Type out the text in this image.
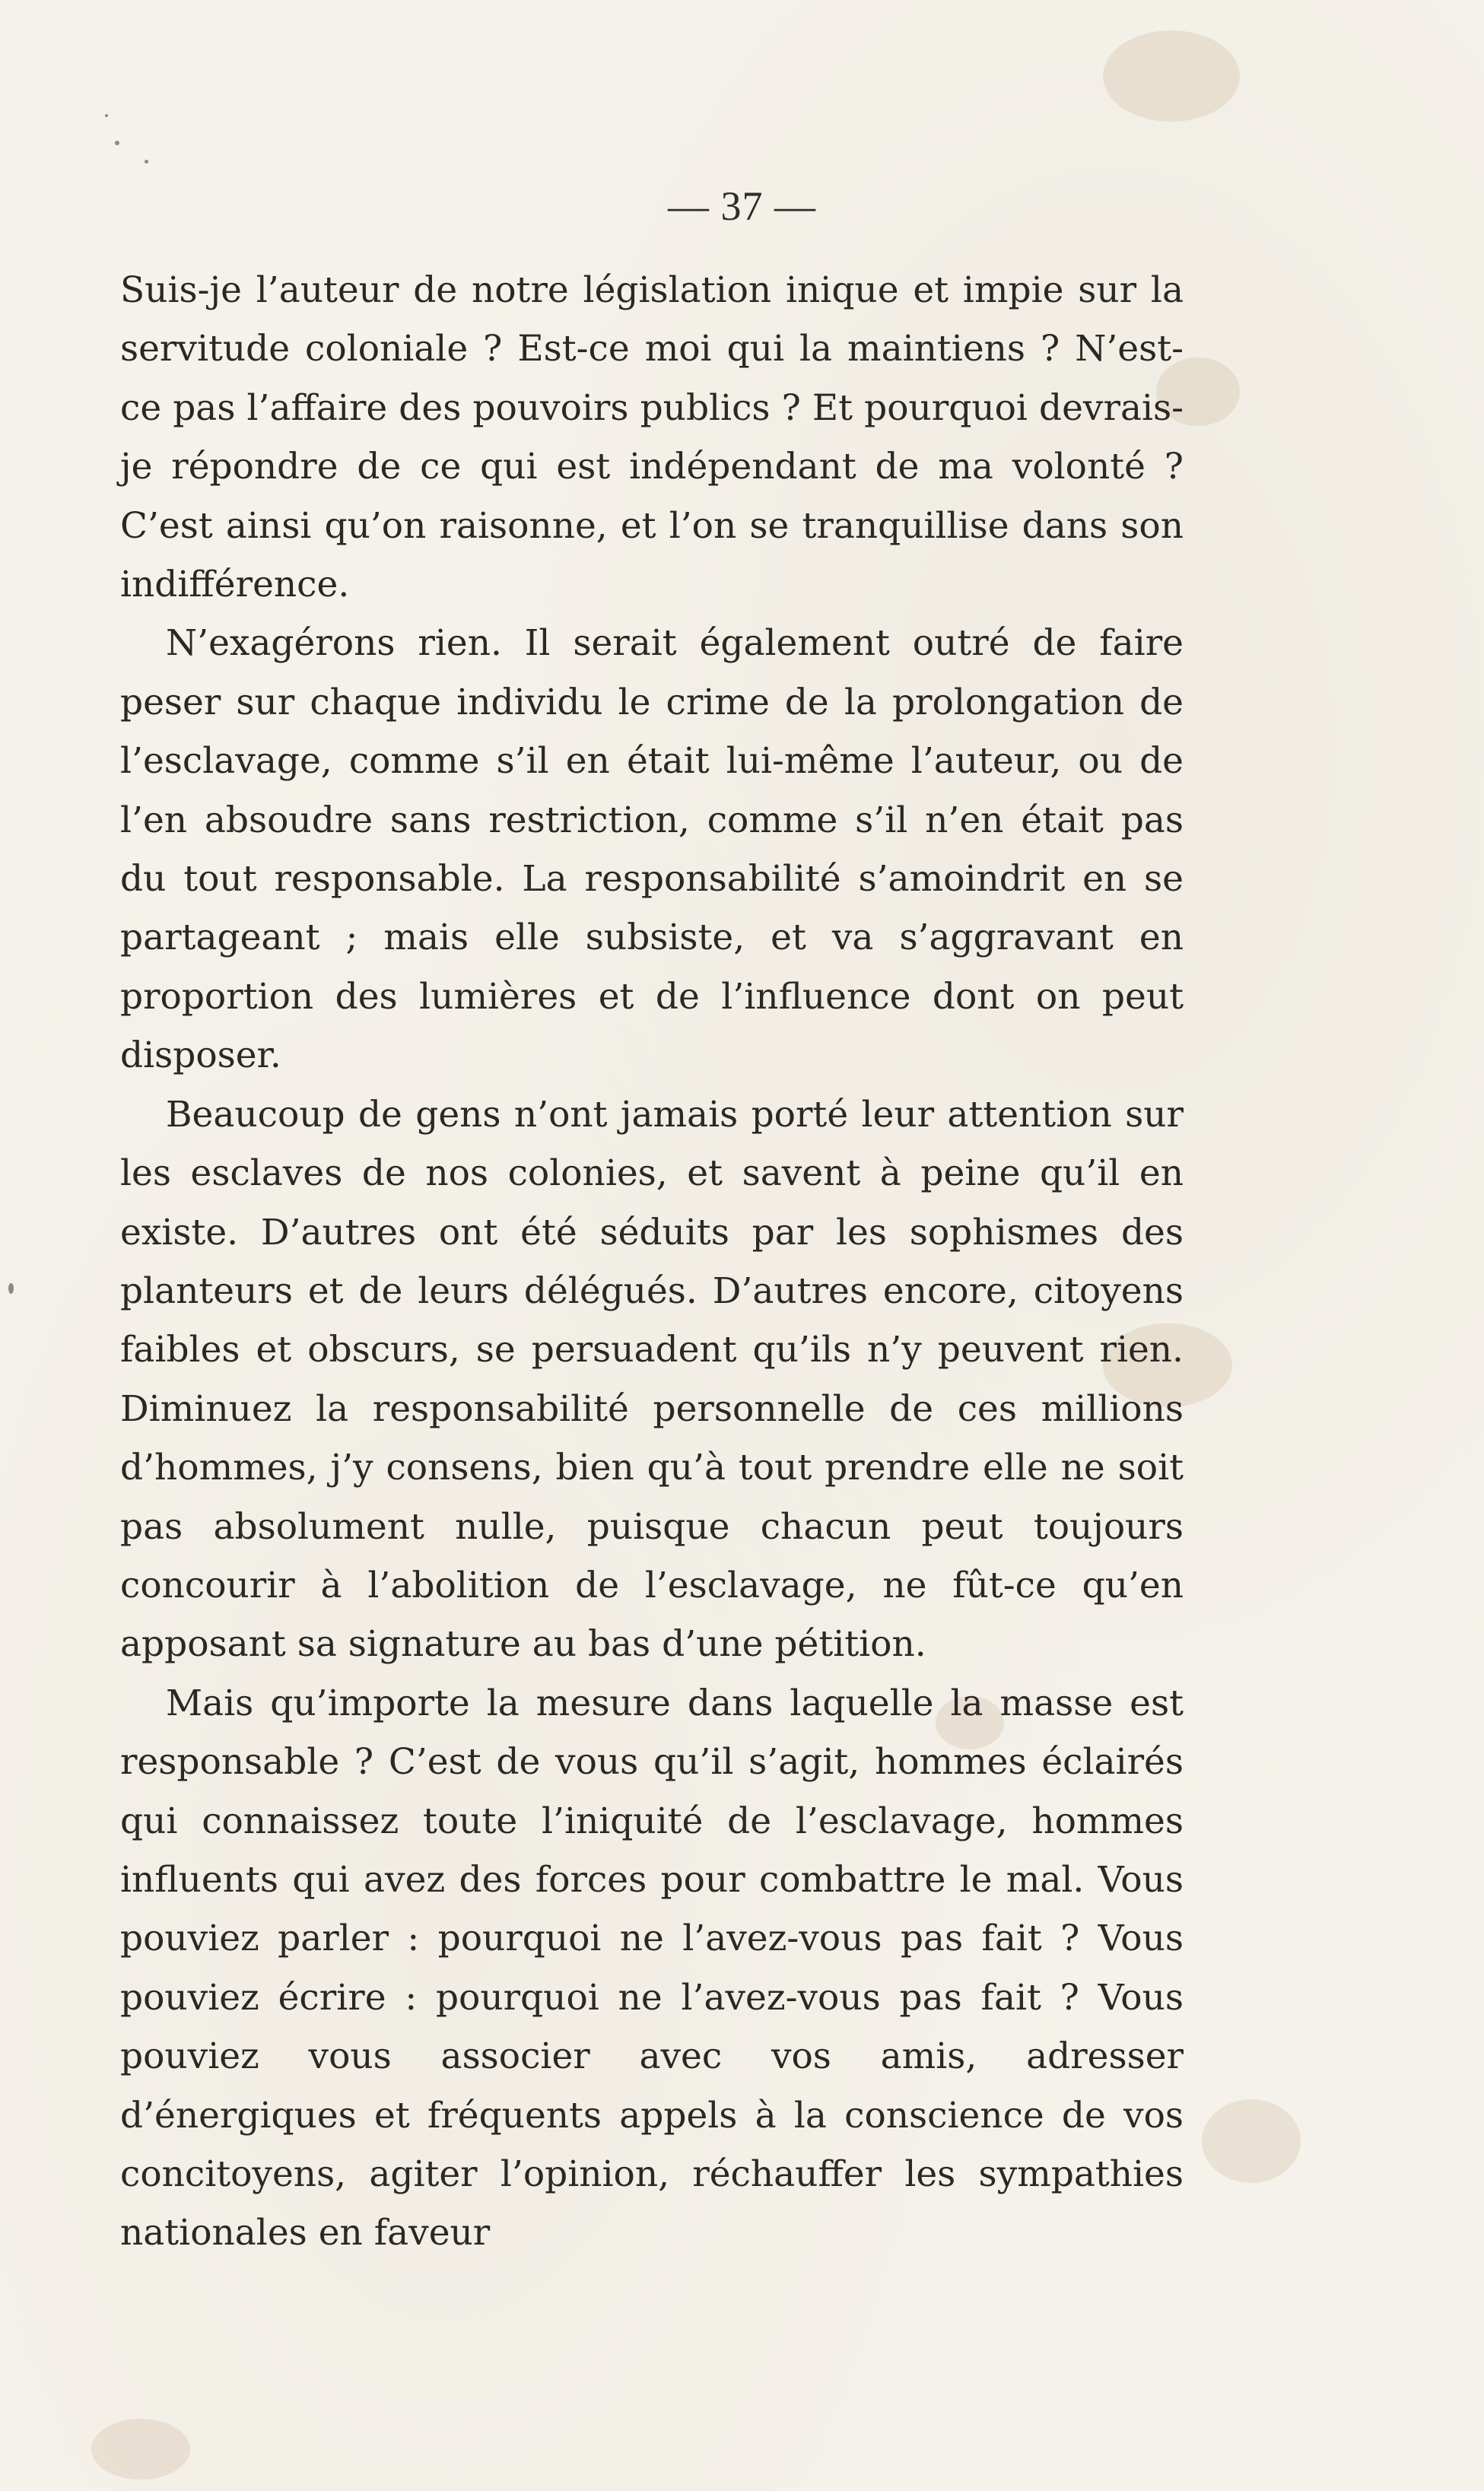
— 37 —

Suis-je l’auteur de notre législation inique et impie sur la servitude coloniale ? Est-ce moi qui la maintiens ? N’est-ce pas l’affaire des pouvoirs publics ? Et pourquoi devrais-je répondre de ce qui est indépendant de ma volonté ? C’est ainsi qu’on raisonne, et l’on se tranquillise dans son indifférence.

N’exagérons rien. Il serait également outré de faire peser sur chaque individu le crime de la prolongation de l’esclavage, comme s’il en était lui-même l’auteur, ou de l’en absoudre sans restriction, comme s’il n’en était pas du tout responsable. La responsabilité s’amoindrit en se partageant ; mais elle subsiste, et va s’aggravant en proportion des lumières et de l’influence dont on peut disposer.

Beaucoup de gens n’ont jamais porté leur attention sur les esclaves de nos colonies, et savent à peine qu’il en existe. D’autres ont été séduits par les sophismes des planteurs et de leurs délégués. D’autres encore, citoyens faibles et obscurs, se persuadent qu’ils n’y peuvent rien. Diminuez la responsabilité personnelle de ces millions d’hommes, j’y consens, bien qu’à tout prendre elle ne soit pas absolument nulle, puisque chacun peut toujours concourir à l’abolition de l’esclavage, ne fût-ce qu’en apposant sa signature au bas d’une pétition.

Mais qu’importe la mesure dans laquelle la masse est responsable ? C’est de vous qu’il s’agit, hommes éclairés qui connaissez toute l’iniquité de l’esclavage, hommes influents qui avez des forces pour combattre le mal. Vous pouviez parler : pourquoi ne l’avez-vous pas fait ? Vous pouviez écrire : pourquoi ne l’avez-vous pas fait ? Vous pouviez vous associer avec vos amis, adresser d’énergiques et fréquents appels à la conscience de vos concitoyens, agiter l’opinion, réchauffer les sympathies nationales en faveur
